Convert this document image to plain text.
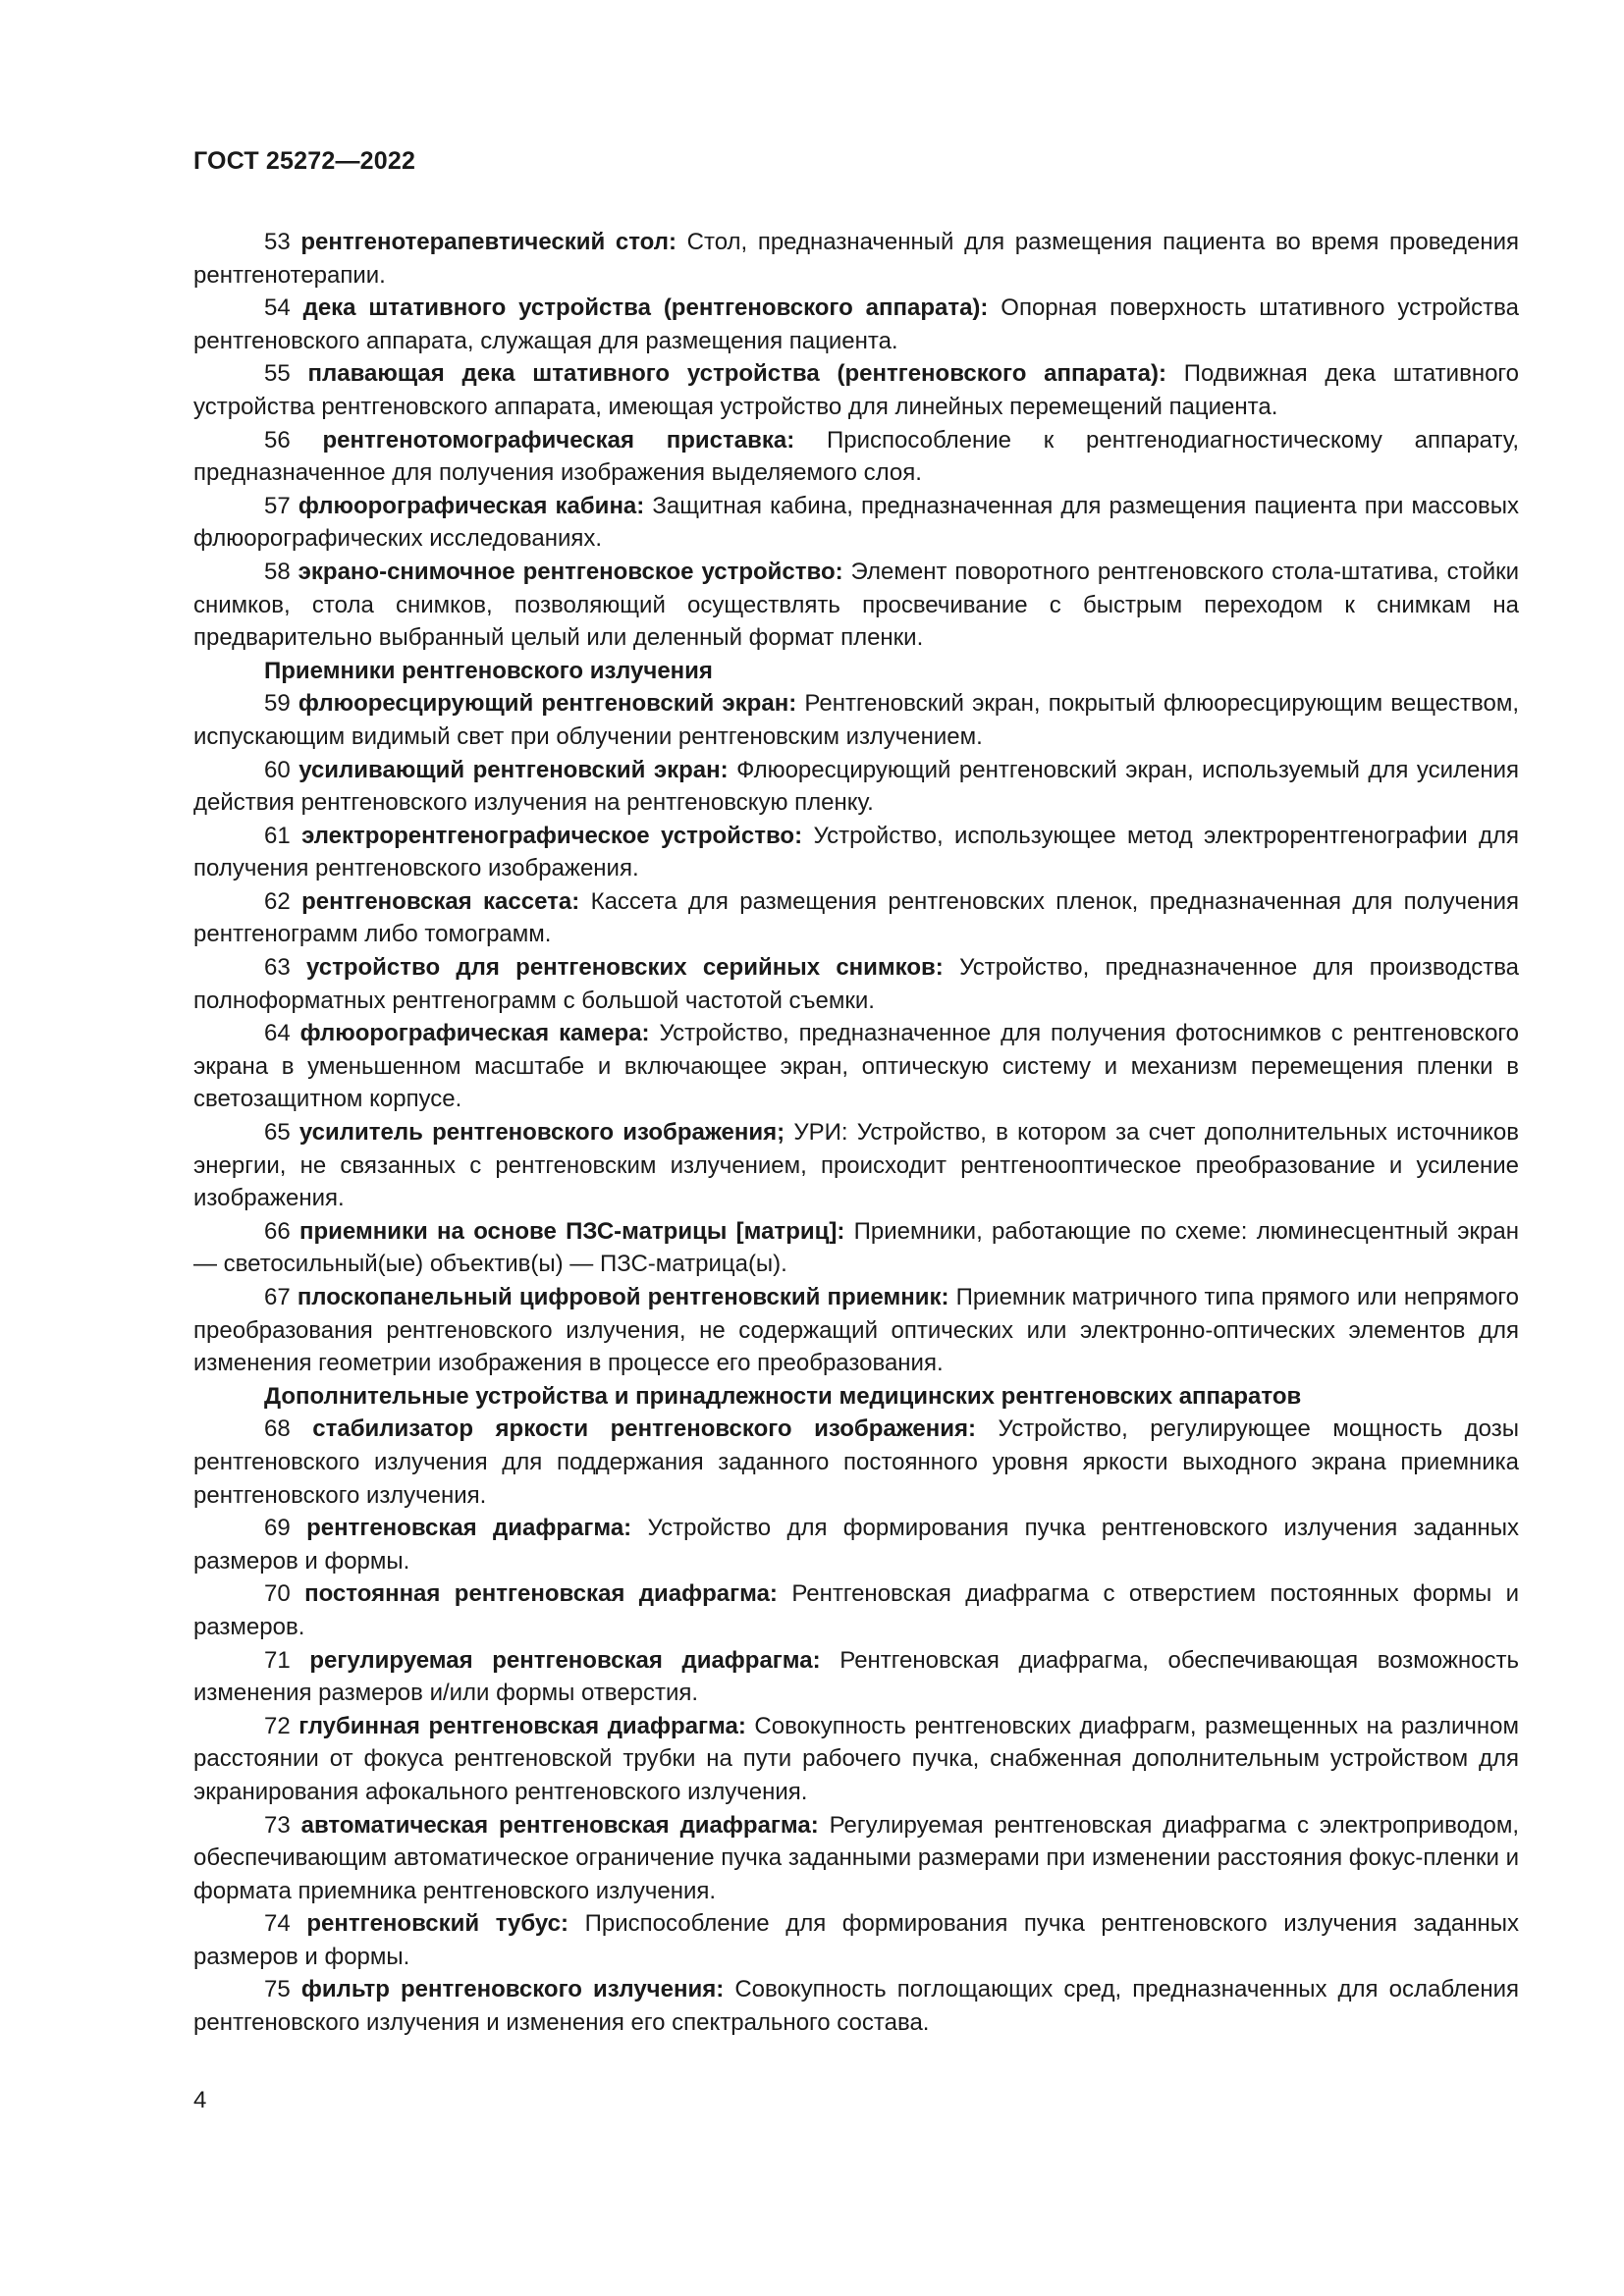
ГОСТ 25272—2022

53 рентгенотерапевтический стол: Стол, предназначенный для размещения пациента во время проведения рентгенотерапии.

54 дека штативного устройства (рентгеновского аппарата): Опорная поверхность штативного устройства рентгеновского аппарата, служащая для размещения пациента.

55 плавающая дека штативного устройства (рентгеновского аппарата): Подвижная дека штативного устройства рентгеновского аппарата, имеющая устройство для линейных перемещений пациента.

56 рентгенотомографическая приставка: Приспособление к рентгенодиагностическому аппарату, предназначенное для получения изображения выделяемого слоя.

57 флюорографическая кабина: Защитная кабина, предназначенная для размещения пациента при массовых флюорографических исследованиях.

58 экрано-снимочное рентгеновское устройство: Элемент поворотного рентгеновского стола-штатива, стойки снимков, стола снимков, позволяющий осуществлять просвечивание с быстрым переходом к снимкам на предварительно выбранный целый или деленный формат пленки.

Приемники рентгеновского излучения

59 флюоресцирующий рентгеновский экран: Рентгеновский экран, покрытый флюоресцирующим веществом, испускающим видимый свет при облучении рентгеновским излучением.

60 усиливающий рентгеновский экран: Флюоресцирующий рентгеновский экран, используемый для усиления действия рентгеновского излучения на рентгеновскую пленку.

61 электрорентгенографическое устройство: Устройство, использующее метод электрорентгенографии для получения рентгеновского изображения.

62 рентгеновская кассета: Кассета для размещения рентгеновских пленок, предназначенная для получения рентгенограмм либо томограмм.

63 устройство для рентгеновских серийных снимков: Устройство, предназначенное для производства полноформатных рентгенограмм с большой частотой съемки.

64 флюорографическая камера: Устройство, предназначенное для получения фотоснимков с рентгеновского экрана в уменьшенном масштабе и включающее экран, оптическую систему и механизм перемещения пленки в светозащитном корпусе.

65 усилитель рентгеновского изображения; УРИ: Устройство, в котором за счет дополнительных источников энергии, не связанных с рентгеновским излучением, происходит рентгенооптическое преобразование и усиление изображения.

66 приемники на основе ПЗС-матрицы [матриц]: Приемники, работающие по схеме: люминесцентный экран — светосильный(ые) объектив(ы) — ПЗС-матрица(ы).

67 плоскопанельный цифровой рентгеновский приемник: Приемник матричного типа прямого или непрямого преобразования рентгеновского излучения, не содержащий оптических или электронно-оптических элементов для изменения геометрии изображения в процессе его преобразования.

Дополнительные устройства и принадлежности медицинских рентгеновских аппаратов

68 стабилизатор яркости рентгеновского изображения: Устройство, регулирующее мощность дозы рентгеновского излучения для поддержания заданного постоянного уровня яркости выходного экрана приемника рентгеновского излучения.

69 рентгеновская диафрагма: Устройство для формирования пучка рентгеновского излучения заданных размеров и формы.

70 постоянная рентгеновская диафрагма: Рентгеновская диафрагма с отверстием постоянных формы и размеров.

71 регулируемая рентгеновская диафрагма: Рентгеновская диафрагма, обеспечивающая возможность изменения размеров и/или формы отверстия.

72 глубинная рентгеновская диафрагма: Совокупность рентгеновских диафрагм, размещенных на различном расстоянии от фокуса рентгеновской трубки на пути рабочего пучка, снабженная дополнительным устройством для экранирования афокального рентгеновского излучения.

73 автоматическая рентгеновская диафрагма: Регулируемая рентгеновская диафрагма с электроприводом, обеспечивающим автоматическое ограничение пучка заданными размерами при изменении расстояния фокус-пленки и формата приемника рентгеновского излучения.

74 рентгеновский тубус: Приспособление для формирования пучка рентгеновского излучения заданных размеров и формы.

75 фильтр рентгеновского излучения: Совокупность поглощающих сред, предназначенных для ослабления рентгеновского излучения и изменения его спектрального состава.

4
